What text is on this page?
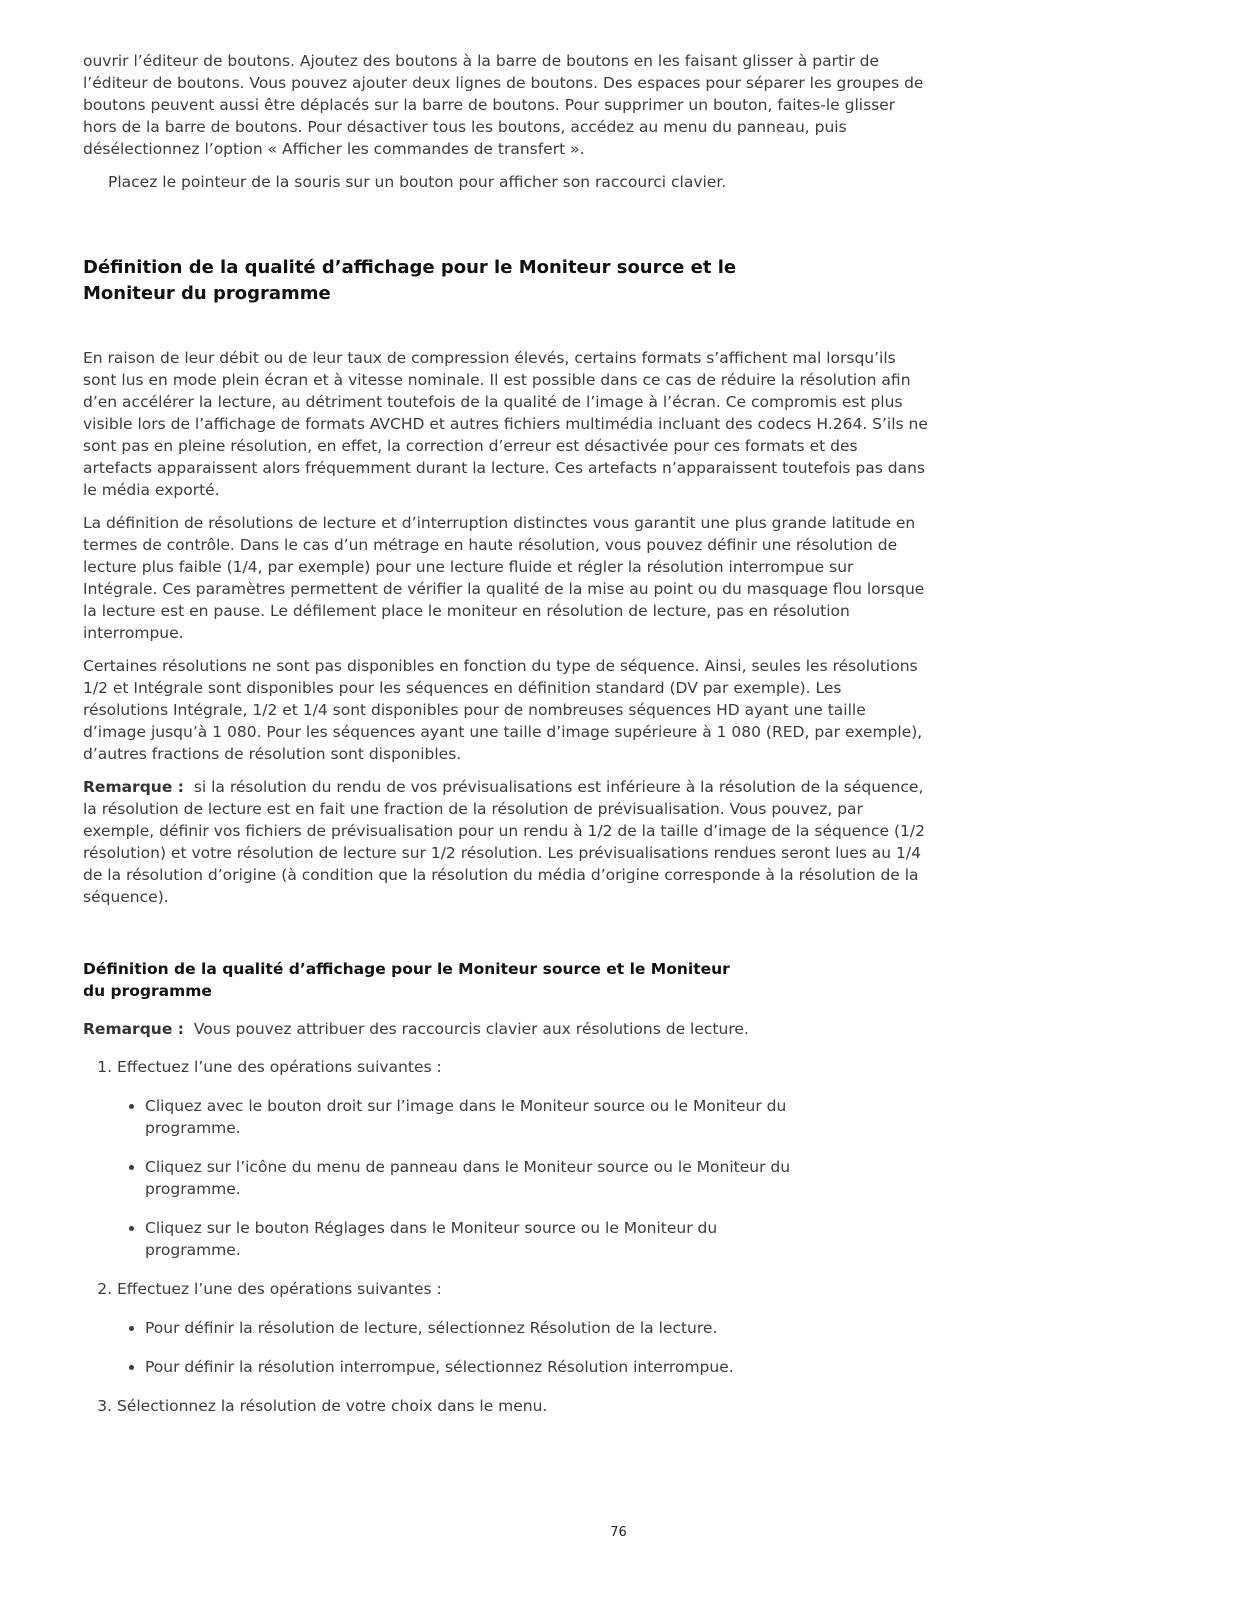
ouvrir l’éditeur de boutons. Ajoutez des boutons à la barre de boutons en les faisant glisser à partir de l’éditeur de boutons. Vous pouvez ajouter deux lignes de boutons. Des espaces pour séparer les groupes de boutons peuvent aussi être déplacés sur la barre de boutons. Pour supprimer un bouton, faites-le glisser hors de la barre de boutons. Pour désactiver tous les boutons, accédez au menu du panneau, puis désélectionnez l’option « Afficher les commandes de transfert ».

Placez le pointeur de la souris sur un bouton pour afficher son raccourci clavier.

Définition de la qualité d’affichage pour le Moniteur source et le Moniteur du programme

En raison de leur débit ou de leur taux de compression élevés, certains formats s’affichent mal lorsqu’ils sont lus en mode plein écran et à vitesse nominale. Il est possible dans ce cas de réduire la résolution afin d’en accélérer la lecture, au détriment toutefois de la qualité de l’image à l’écran. Ce compromis est plus visible lors de l’affichage de formats AVCHD et autres fichiers multimédia incluant des codecs H.264. S’ils ne sont pas en pleine résolution, en effet, la correction d’erreur est désactivée pour ces formats et des artefacts apparaissent alors fréquemment durant la lecture. Ces artefacts n’apparaissent toutefois pas dans le média exporté.

La définition de résolutions de lecture et d’interruption distinctes vous garantit une plus grande latitude en termes de contrôle. Dans le cas d’un métrage en haute résolution, vous pouvez définir une résolution de lecture plus faible (1/4, par exemple) pour une lecture fluide et régler la résolution interrompue sur Intégrale. Ces paramètres permettent de vérifier la qualité de la mise au point ou du masquage flou lorsque la lecture est en pause. Le défilement place le moniteur en résolution de lecture, pas en résolution interrompue.

Certaines résolutions ne sont pas disponibles en fonction du type de séquence. Ainsi, seules les résolutions 1/2 et Intégrale sont disponibles pour les séquences en définition standard (DV par exemple). Les résolutions Intégrale, 1/2 et 1/4 sont disponibles pour de nombreuses séquences HD ayant une taille d’image jusqu’à 1 080. Pour les séquences ayant une taille d’image supérieure à 1 080 (RED, par exemple), d’autres fractions de résolution sont disponibles.

Remarque : si la résolution du rendu de vos prévisualisations est inférieure à la résolution de la séquence, la résolution de lecture est en fait une fraction de la résolution de prévisualisation. Vous pouvez, par exemple, définir vos fichiers de prévisualisation pour un rendu à 1/2 de la taille d’image de la séquence (1/2 résolution) et votre résolution de lecture sur 1/2 résolution. Les prévisualisations rendues seront lues au 1/4 de la résolution d’origine (à condition que la résolution du média d’origine corresponde à la résolution de la séquence).

Définition de la qualité d’affichage pour le Moniteur source et le Moniteur du programme

Remarque : Vous pouvez attribuer des raccourcis clavier aux résolutions de lecture.

1. Effectuez l’une des opérations suivantes :
• Cliquez avec le bouton droit sur l’image dans le Moniteur source ou le Moniteur du programme.
• Cliquez sur l’icône du menu de panneau dans le Moniteur source ou le Moniteur du programme.
• Cliquez sur le bouton Réglages dans le Moniteur source ou le Moniteur du programme.
2. Effectuez l’une des opérations suivantes :
• Pour définir la résolution de lecture, sélectionnez Résolution de la lecture.
• Pour définir la résolution interrompue, sélectionnez Résolution interrompue.
3. Sélectionnez la résolution de votre choix dans le menu.
76
